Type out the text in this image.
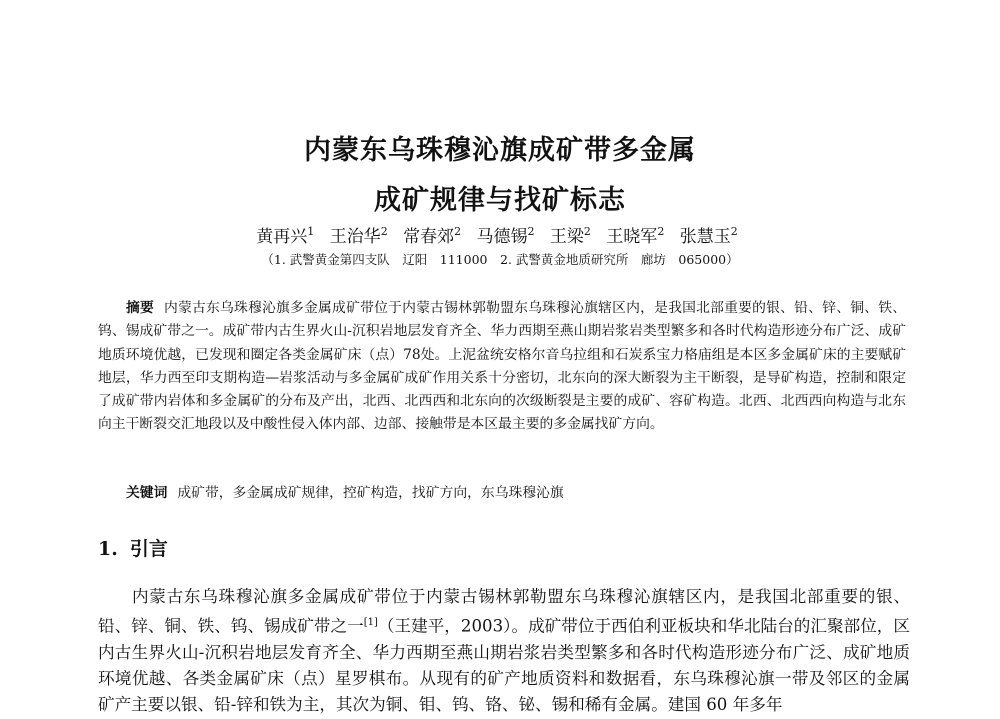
内蒙东乌珠穆沁旗成矿带多金属
成矿规律与找矿标志
黄再兴$^1$ 王治华$^2$ 常春郊$^2$ 马德锡$^2$ 王梁$^2$ 王晓军$^2$ 张慧玉$^2$
（1. 武警黄金第四支队　辽阳　111000　2. 武警黄金地质研究所　廊坊　065000）

摘要 内蒙古东乌珠穆沁旗多金属成矿带位于内蒙古锡林郭勒盟东乌珠穆沁旗辖区内，是我国北部重要的银、铅、锌、铜、铁、钨、锡成矿带之一。成矿带内古生界火山-沉积岩地层发育齐全、华力西期至燕山期岩浆岩类型繁多和各时代构造形迹分布广泛、成矿地质环境优越，已发现和圈定各类金属矿床（点）78处。上泥盆统安格尔音乌拉组和石炭系宝力格庙组是本区多金属矿床的主要赋矿地层，华力西至印支期构造—岩浆活动与多金属矿成矿作用关系十分密切，北东向的深大断裂为主干断裂，是导矿构造，控制和限定了成矿带内岩体和多金属矿的分布及产出，北西、北西西和北东向的次级断裂是主要的成矿、容矿构造。北西、北西西向构造与北东向主干断裂交汇地段以及中酸性侵入体内部、边部、接触带是本区最主要的多金属找矿方向。

关键词 成矿带，多金属成矿规律，控矿构造，找矿方向，东乌珠穆沁旗

1. 引言

内蒙古东乌珠穆沁旗多金属成矿带位于内蒙古锡林郭勒盟东乌珠穆沁旗辖区内，是我国北部重要的银、铅、锌、铜、铁、钨、锡成矿带之一[1]（王建平，2003）。成矿带位于西伯利亚板块和华北陆台的汇聚部位，区内古生界火山-沉积岩地层发育齐全、华力西期至燕山期岩浆岩类型繁多和各时代构造形迹分布广泛、成矿地质环境优越、各类金属矿床（点）星罗棋布。从现有的矿产地质资料和数据看，东乌珠穆沁旗一带及邻区的金属矿产主要以银、铅-锌和铁为主，其次为铜、钼、钨、铬、铋、锡和稀有金属。建国 60 年多年
